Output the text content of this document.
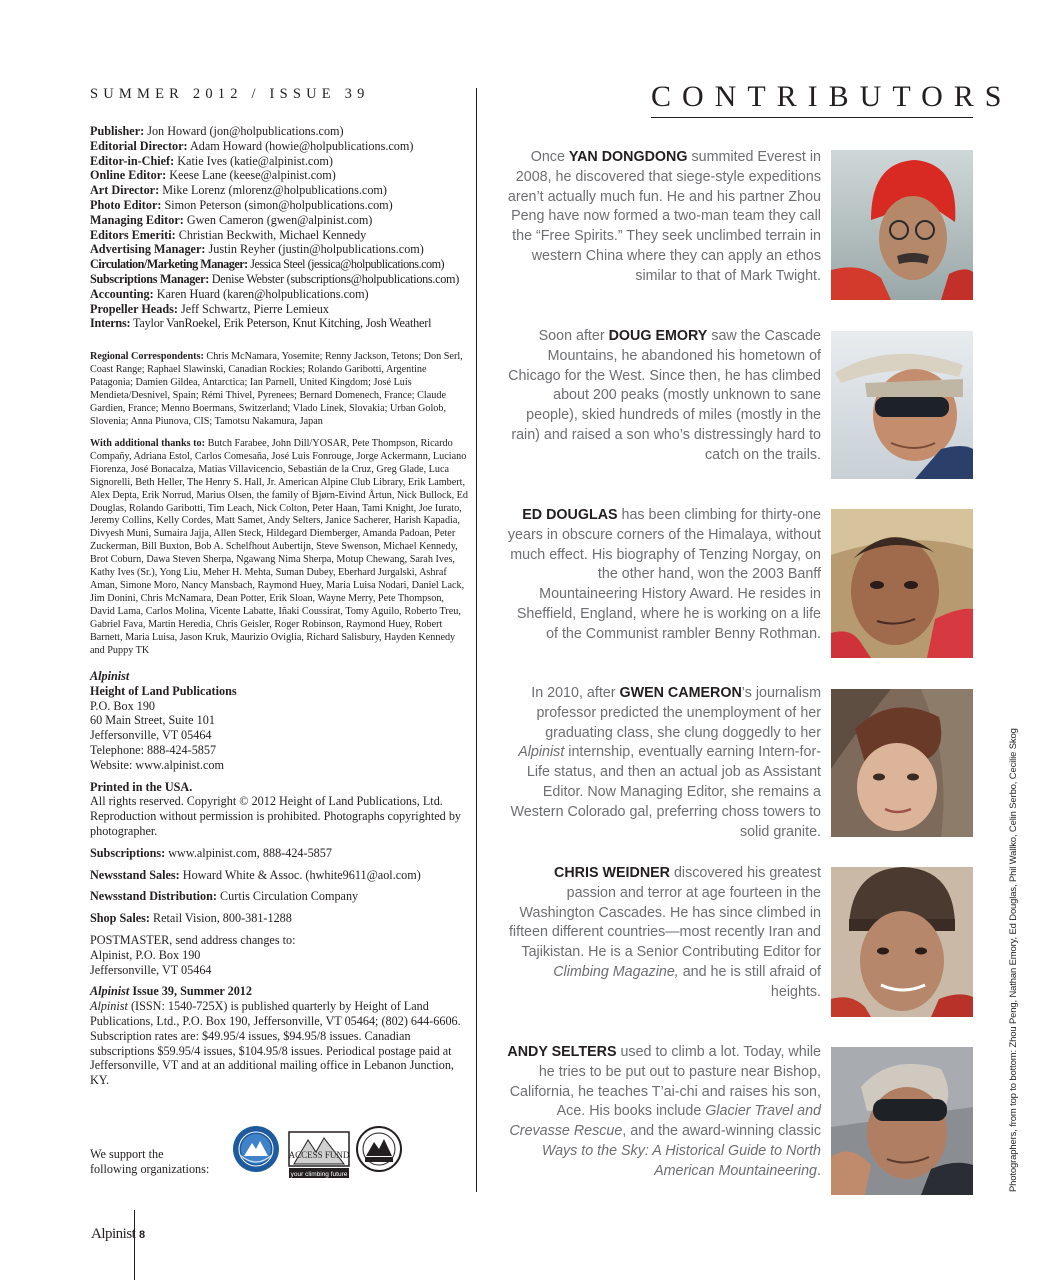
SUMMER 2012 / ISSUE 39
Publisher: Jon Howard (jon@holpublications.com)
Editorial Director: Adam Howard (howie@holpublications.com)
Editor-in-Chief: Katie Ives (katie@alpinist.com)
Online Editor: Keese Lane (keese@alpinist.com)
Art Director: Mike Lorenz (mlorenz@holpublications.com)
Photo Editor: Simon Peterson (simon@holpublications.com)
Managing Editor: Gwen Cameron (gwen@alpinist.com)
Editors Emeriti: Christian Beckwith, Michael Kennedy
Advertising Manager: Justin Reyher (justin@holpublications.com)
Circulation/Marketing Manager: Jessica Steel (jessica@holpublications.com)
Subscriptions Manager: Denise Webster (subscriptions@holpublications.com)
Accounting: Karen Huard (karen@holpublications.com)
Propeller Heads: Jeff Schwartz, Pierre Lemieux
Interns: Taylor VanRoekel, Erik Peterson, Knut Kitching, Josh Weatherl
Regional Correspondents: Chris McNamara, Yosemite; Renny Jackson, Tetons; Don Serl, Coast Range; Raphael Slawinski, Canadian Rockies; Rolando Garibotti, Argentine Patagonia; Damien Gildea, Antarctica; Ian Parnell, United Kingdom; José Luis Mendieta/Desnivel, Spain; Rémi Thivel, Pyrenees; Bernard Domenech, France; Claude Gardien, France; Menno Boermans, Switzerland; Vlado Linek, Slovakia; Urban Golob, Slovenia; Anna Piunova, CIS; Tamotsu Nakamura, Japan
With additional thanks to: Butch Farabee, John Dill/YOSAR, Pete Thompson, Ricardo Compañy, Adriana Estol, Carlos Comesaña, José Luis Fonrouge, Jorge Ackermann, Luciano Fiorenza, José Bonacalza, Matias Villavicencio, Sebastián de la Cruz, Greg Glade, Luca Signorelli, Beth Heller, The Henry S. Hall, Jr. American Alpine Club Library, Erik Lambert, Alex Depta, Erik Norrud, Marius Olsen, the family of Bjørn-Eivind Årtun, Nick Bullock, Ed Douglas, Rolando Garibotti, Tim Leach, Nick Colton, Peter Haan, Tami Knight, Joe Iurato, Jeremy Collins, Kelly Cordes, Matt Samet, Andy Selters, Janice Sacherer, Harish Kapadia, Divyesh Muni, Sumaira Jajja, Allen Steck, Hildegard Diemberger, Amanda Padoan, Peter Zuckerman, Bill Buxton, Bob A. Schelfhout Aubertijn, Steve Swenson, Michael Kennedy, Brot Coburn, Dawa Steven Sherpa, Ngawang Nima Sherpa, Motup Chewang, Sarah Ives, Kathy Ives (Sr.), Yong Liu, Meher H. Mehta, Suman Dubey, Eberhard Jurgalski, Ashraf Aman, Simone Moro, Nancy Mansbach, Raymond Huey, Maria Luisa Nodari, Daniel Lack, Jim Donini, Chris McNamara, Dean Potter, Erik Sloan, Wayne Merry, Pete Thompson, David Lama, Carlos Molina, Vicente Labatte, Iñaki Coussirat, Tomy Aguilo, Roberto Treu, Gabriel Fava, Martin Heredia, Chris Geisler, Roger Robinson, Raymond Huey, Robert Barnett, Maria Luisa, Jason Kruk, Maurizio Oviglia, Richard Salisbury, Hayden Kennedy and Puppy TK
Alpinist
Height of Land Publications
P.O. Box 190
60 Main Street, Suite 101
Jeffersonville, VT 05464
Telephone: 888-424-5857
Website: www.alpinist.com
Printed in the USA.
All rights reserved. Copyright © 2012 Height of Land Publications, Ltd. Reproduction without permission is prohibited. Photographs copyrighted by photographer.
Subscriptions: www.alpinist.com, 888-424-5857
Newsstand Sales: Howard White & Assoc. (hwhite9611@aol.com)
Newsstand Distribution: Curtis Circulation Company
Shop Sales: Retail Vision, 800-381-1288
POSTMASTER, send address changes to:
Alpinist, P.O. Box 190
Jeffersonville, VT 05464
Alpinist Issue 39, Summer 2012
Alpinist (ISSN: 1540-725X) is published quarterly by Height of Land Publications, Ltd., P.O. Box 190, Jeffersonville, VT 05464; (802) 644-6606. Subscription rates are: $49.95/4 issues, $94.95/8 issues. Canadian subscriptions $59.95/4 issues, $104.95/8 issues. Periodical postage paid at Jeffersonville, VT and at an additional mailing office in Lebanon Junction, KY.
We support the
following organizations:
ACCESS FUND
your climbing future
Alpinist 8
CONTRIBUTORS
Once YAN DONGDONG summited Everest in 2008, he discovered that siege-style expeditions aren’t actually much fun. He and his partner Zhou Peng have now formed a two-man team they call the “Free Spirits.” They seek unclimbed terrain in western China where they can apply an ethos similar to that of Mark Twight.
Soon after DOUG EMORY saw the Cascade Mountains, he abandoned his hometown of Chicago for the West. Since then, he has climbed about 200 peaks (mostly unknown to sane people), skied hundreds of miles (mostly in the rain) and raised a son who’s distressingly hard to catch on the trails.
ED DOUGLAS has been climbing for thirty-one years in obscure corners of the Himalaya, without much effect. His biography of Tenzing Norgay, on the other hand, won the 2003 Banff Mountaineering History Award. He resides in Sheffield, England, where he is working on a life of the Communist rambler Benny Rothman.
In 2010, after GWEN CAMERON’s journalism professor predicted the unemployment of her graduating class, she clung doggedly to her Alpinist internship, eventually earning Intern-for-Life status, and then an actual job as Assistant Editor. Now Managing Editor, she remains a Western Colorado gal, preferring choss towers to solid granite.
CHRIS WEIDNER discovered his greatest passion and terror at age fourteen in the Washington Cascades. He has since climbed in fifteen different countries—most recently Iran and Tajikistan. He is a Senior Contributing Editor for Climbing Magazine, and he is still afraid of heights.
ANDY SELTERS used to climb a lot. Today, while he tries to be put out to pasture near Bishop, California, he teaches T’ai-chi and raises his son, Ace. His books include Glacier Travel and Crevasse Rescue, and the award-winning classic Ways to the Sky: A Historical Guide to North American Mountaineering.	Photographers, from top to bottom: Zhou Peng, Nathan Emory, Ed Douglas, Phil Wallko, Celin Serbo, Cecilie Skog
